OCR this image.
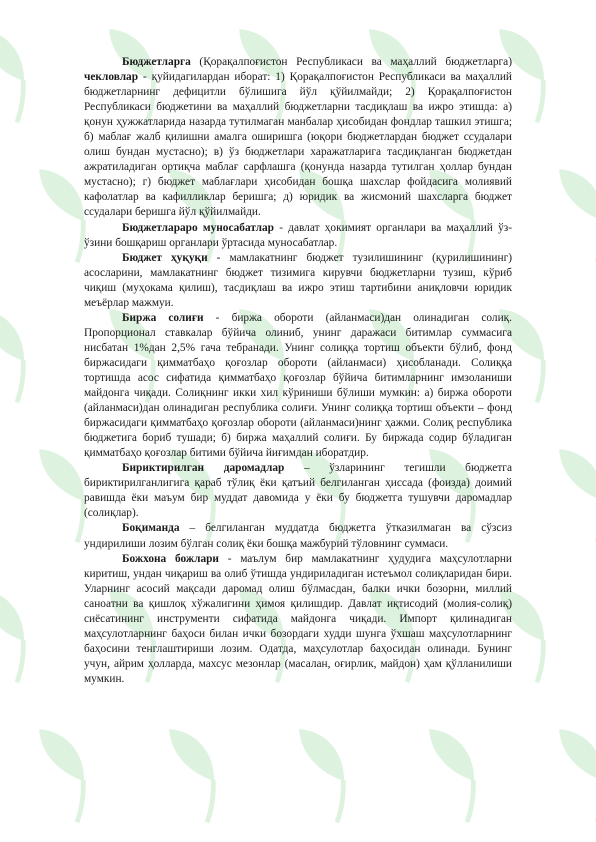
Бюджетларга (Қорақалпоғистон Республикаси ва маҳаллий бюджетларга) чекловлар - қуйидагилардан иборат: 1) Қорақалпоғистон Республикаси ва маҳаллий бюджетларнинг дефицитли бўлишига йўл қўйилмайди; 2) Қорақалпоғистон Республикаси бюджетини ва маҳаллий бюджетларни тасдиқлаш ва ижро этишда: а) қонун ҳужжатларида назарда тутилмаган манбалар ҳисобидан фондлар ташкил этишга; б) маблағ жалб қилишни амалга оширишга (юқори бюджетлардан бюджет ссудалари олиш бундан мустасно); в) ўз бюджетлари харажатларига тасдиқланган бюджетдан ажратиладиган ортиқча маблағ сарфлашга (қонунда назарда тутилган ҳоллар бундан мустасно); г) бюджет маблағлари ҳисобидан бошқа шахслар фойдасига молиявий кафолатлар ва кафилликлар беришга; д) юридик ва жисмоний шахсларга бюджет ссудалари беришга йўл қўйилмайди.

Бюджетлараро муносабатлар - давлат ҳокимият органлари ва маҳаллий ўз-ўзини бошқариш органлари ўртасида муносабатлар.

Бюджет ҳуқуқи - мамлакатнинг бюджет тузилишининг (қурилишининг) асосларини, мамлакатнинг бюджет тизимига кирувчи бюджетларни тузиш, кўриб чиқиш (муҳокама қилиш), тасдиқлаш ва ижро этиш тартибини аниқловчи юридик меъёрлар мажмуи.

Биржа солиғи - биржа обороти (айланмаси)дан олинадиган солиқ. Пропорционал ставкалар бўйича олиниб, унинг даражаси битимлар суммасига нисбатан 1%дан 2,5% гача тебранади. Унинг солиққа тортиш объекти бўлиб, фонд биржасидаги қимматбаҳо қоғозлар обороти (айланмаси) ҳисобланади. Солиққа тортишда асос сифатида қимматбаҳо қоғозлар бўйича битимларнинг имзоланиши майдонга чиқади. Солиқнинг икки хил кўриниши бўлиши мумкин: а) биржа обороти (айланмаси)дан олинадиган республика солиғи. Унинг солиққа тортиш объекти – фонд биржасидаги қимматбаҳо қоғозлар обороти (айланмаси)нинг ҳажми. Солиқ республика бюджетига бориб тушади; б) биржа маҳаллий солиғи. Бу биржада содир бўладиган қимматбаҳо қоғозлар битими бўйича йиғимдан иборатдир.

Бириктирилган даромадлар – ўзларининг тегишли бюджетга бириктирилганлигига қараб тўлиқ ёки қатъий белгиланган ҳиссада (фоизда) доимий равишда ёки маъум бир муддат давомида у ёки бу бюджетга тушувчи даромадлар (солиқлар).

Боқиманда – белгиланган муддатда бюджетга ўтказилмаган ва сўзсиз ундирилиши лозим бўлган солиқ ёки бошқа мажбурий тўловнинг суммаси.

Божхона божлари - маълум бир мамлакатнинг ҳудудига маҳсулотларни киритиш, ундан чиқариш ва олиб ўтишда ундириладиган истеъмол солиқларидан бири. Уларнинг асосий мақсади даромад олиш бўлмасдан, балки ички бозорни, миллий саноатни ва қишлоқ хўжалигини ҳимоя қилишдир. Давлат иқтисодий (молия-солиқ) сиёсатининг инструменти сифатида майдонга чиқади. Импорт қилинадиган маҳсулотларнинг баҳоси билан ички бозордаги худди шунга ўхшаш маҳсулотларнинг баҳосини тенглаштириши лозим. Одатда, маҳсулотлар баҳосидан олинади. Бунинг учун, айрим ҳолларда, махсус мезонлар (масалан, оғирлик, майдон) ҳам қўлланилиши мумкин.
